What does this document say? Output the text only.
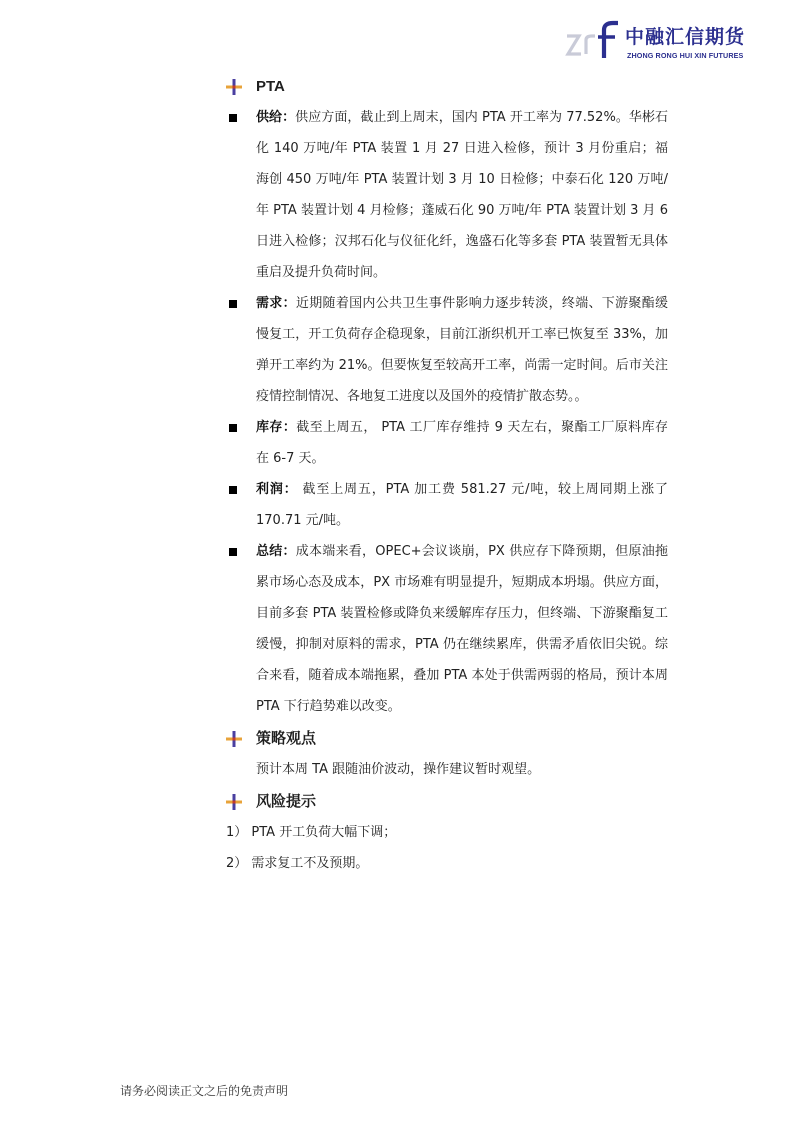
中融汇信期货
ZHONG RONG HUI XIN FUTURES
PTA
供给：供应方面，截止到上周末，国内 PTA 开工率为 77.52%。华彬石化 140 万吨/年 PTA 装置 1 月 27 日进入检修，预计 3 月份重启；福海创 450 万吨/年 PTA 装置计划 3 月 10 日检修；中泰石化 120 万吨/年 PTA 装置计划 4 月检修；蓬威石化 90 万吨/年 PTA 装置计划 3 月 6 日进入检修；汉邦石化与仪征化纤，逸盛石化等多套 PTA 装置暂无具体重启及提升负荷时间。
需求：近期随着国内公共卫生事件影响力逐步转淡，终端、下游聚酯缓慢复工，开工负荷存企稳现象，目前江浙织机开工率已恢复至 33%，加弹开工率约为 21%。但要恢复至较高开工率，尚需一定时间。后市关注疫情控制情况、各地复工进度以及国外的疫情扩散态势。。
库存：截至上周五， PTA 工厂库存维持 9 天左右，聚酯工厂原料库存在 6-7 天。
利润： 截至上周五，PTA 加工费 581.27 元/吨，较上周同期上涨了 170.71 元/吨。
总结：成本端来看，OPEC+会议谈崩，PX 供应存下降预期，但原油拖累市场心态及成本，PX 市场难有明显提升，短期成本坍塌。供应方面，目前多套 PTA 装置检修或降负来缓解库存压力，但终端、下游聚酯复工缓慢，抑制对原料的需求，PTA 仍在继续累库，供需矛盾依旧尖锐。综合来看，随着成本端拖累，叠加 PTA 本处于供需两弱的格局，预计本周 PTA 下行趋势难以改变。
策略观点
预计本周 TA 跟随油价波动，操作建议暂时观望。
风险提示
1） PTA 开工负荷大幅下调；
2） 需求复工不及预期。
请务必阅读正文之后的免责声明
